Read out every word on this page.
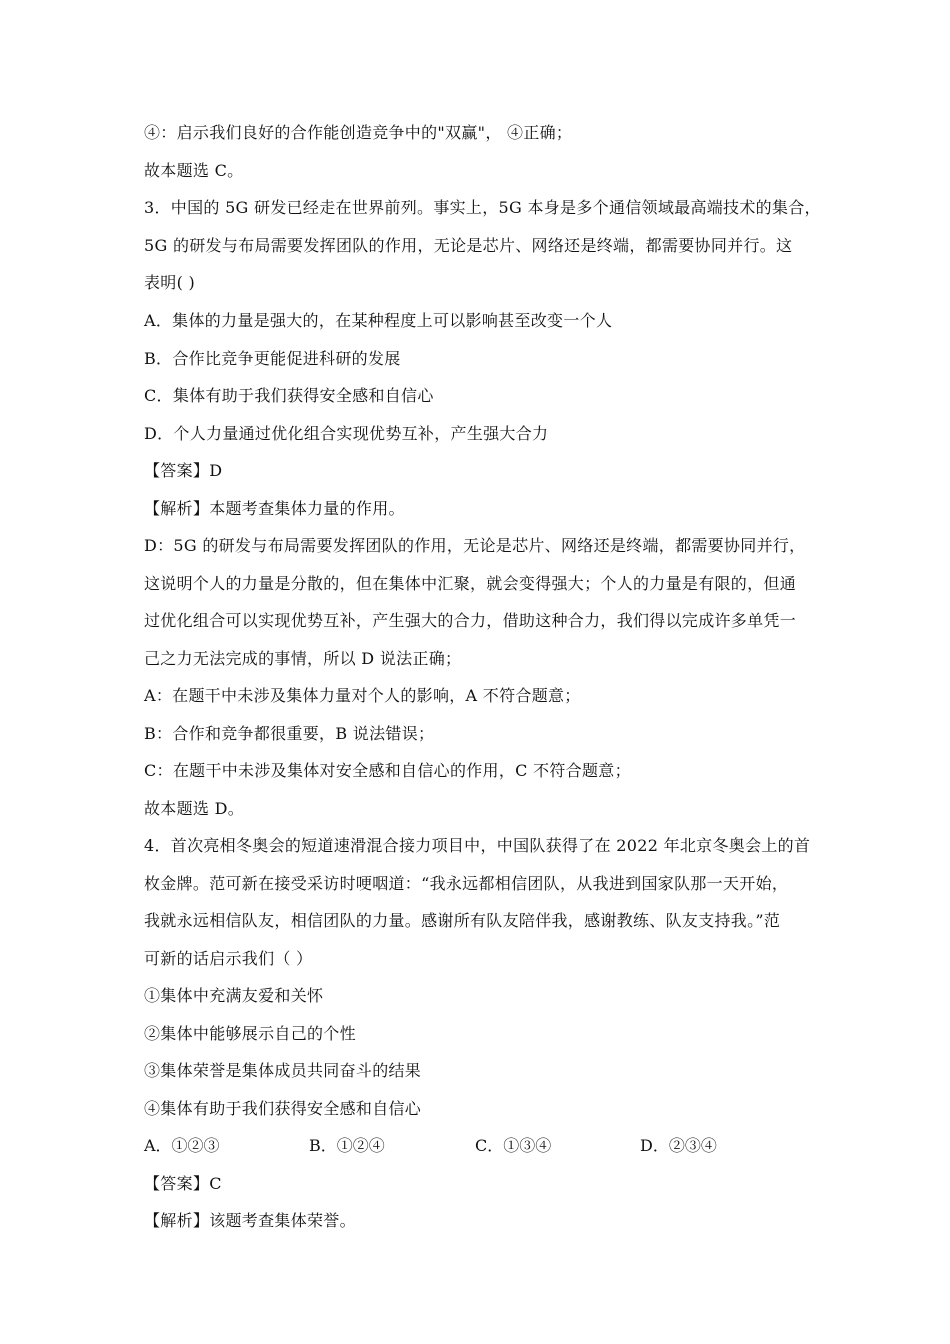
④：启示我们良好的合作能创造竞争中的"双赢"， ④正确；
故本题选 C。
3．中国的 5G 研发已经走在世界前列。事实上，5G 本身是多个通信领域最高端技术的集合，
5G 的研发与布局需要发挥团队的作用，无论是芯片、网络还是终端，都需要协同并行。这
表明( )
A．集体的力量是强大的，在某种程度上可以影响甚至改变一个人
B．合作比竞争更能促进科研的发展
C．集体有助于我们获得安全感和自信心
D．个人力量通过优化组合实现优势互补，产生强大合力
【答案】D
【解析】本题考查集体力量的作用。
D：5G 的研发与布局需要发挥团队的作用，无论是芯片、网络还是终端，都需要协同并行，
这说明个人的力量是分散的，但在集体中汇聚，就会变得强大；个人的力量是有限的，但通
过优化组合可以实现优势互补，产生强大的合力，借助这种合力，我们得以完成许多单凭一
己之力无法完成的事情，所以 D 说法正确；
A：在题干中未涉及集体力量对个人的影响，A 不符合题意；
B：合作和竞争都很重要，B 说法错误；
C：在题干中未涉及集体对安全感和自信心的作用，C 不符合题意；
故本题选 D。
4．首次亮相冬奥会的短道速滑混合接力项目中，中国队获得了在 2022 年北京冬奥会上的首
枚金牌。范可新在接受采访时哽咽道：“我永远都相信团队，从我进到国家队那一天开始，
我就永远相信队友，相信团队的力量。感谢所有队友陪伴我，感谢教练、队友支持我。”范
可新的话启示我们（ ）
①集体中充满友爱和关怀
②集体中能够展示自己的个性
③集体荣誉是集体成员共同奋斗的结果
④集体有助于我们获得安全感和自信心
A．①②③	B．①②④	C．①③④	D．②③④
【答案】C
【解析】该题考查集体荣誉。
